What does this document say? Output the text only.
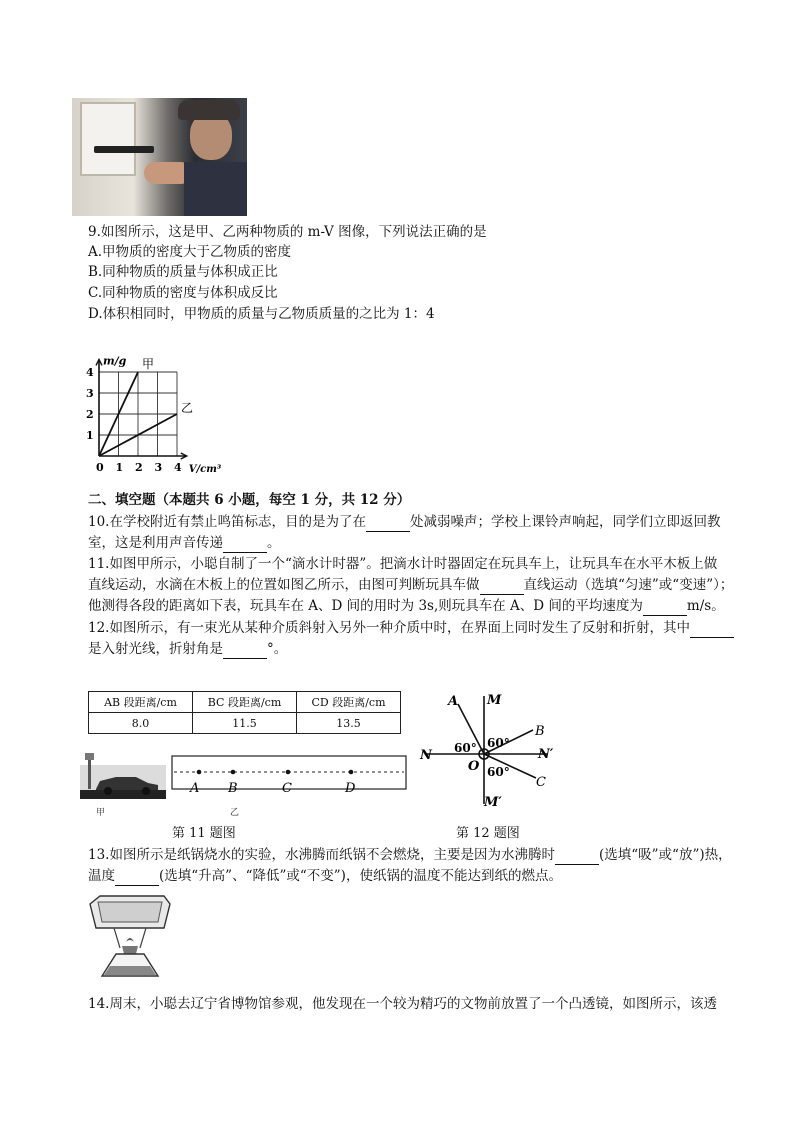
9.如图所示，这是甲、乙两种物质的 m-V 图像，下列说法正确的是
A.甲物质的密度大于乙物质的密度
B.同种物质的质量与体积成正比
C.同种物质的密度与体积成反比
D.体积相同时，甲物质的质量与乙物质质量的之比为 1：4
0 1 2 3 4
1
2
3
4
m/g
V/cm³
甲
乙
二、填空题（本题共 6 小题，每空 1 分，共 12 分）
10.在学校附近有禁止鸣笛标志，目的是为了在	处减弱噪声；学校上课铃声响起，同学们立即返回教
室，这是利用声音传递	。
11.如图甲所示，小聪自制了一个“滴水计时器”。把滴水计时器固定在玩具车上，让玩具车在水平木板上做
直线运动，水滴在木板上的位置如图乙所示，由图可判断玩具车做	直线运动（选填“匀速”或“变速”）；
他测得各段的距离如下表，玩具车在 A、D 间的用时为 3s,则玩具车在 A、D 间的平均速度为	m/s。
12.如图所示，有一束光从某种介质斜射入另外一种介质中时，在界面上同时发生了反射和折射，其中
是入射光线，折射角是	°。
AB 段距离/cm	BC 段距离/cm	CD 段距离/cm
8.0	11.5	13.5
甲
A B	C	D
乙
A M
B
N	N′
O
C
M′
60° 60°
60°
第 11 题图	第 12 题图
13.如图所示是纸锅烧水的实验，水沸腾而纸锅不会燃烧，主要是因为水沸腾时	(选填“吸”或“放”)热，
温度	(选填“升高”、“降低”或“不变”)，使纸锅的温度不能达到纸的燃点。
14.周末，小聪去辽宁省博物馆参观，他发现在一个较为精巧的文物前放置了一个凸透镜，如图所示，该透
